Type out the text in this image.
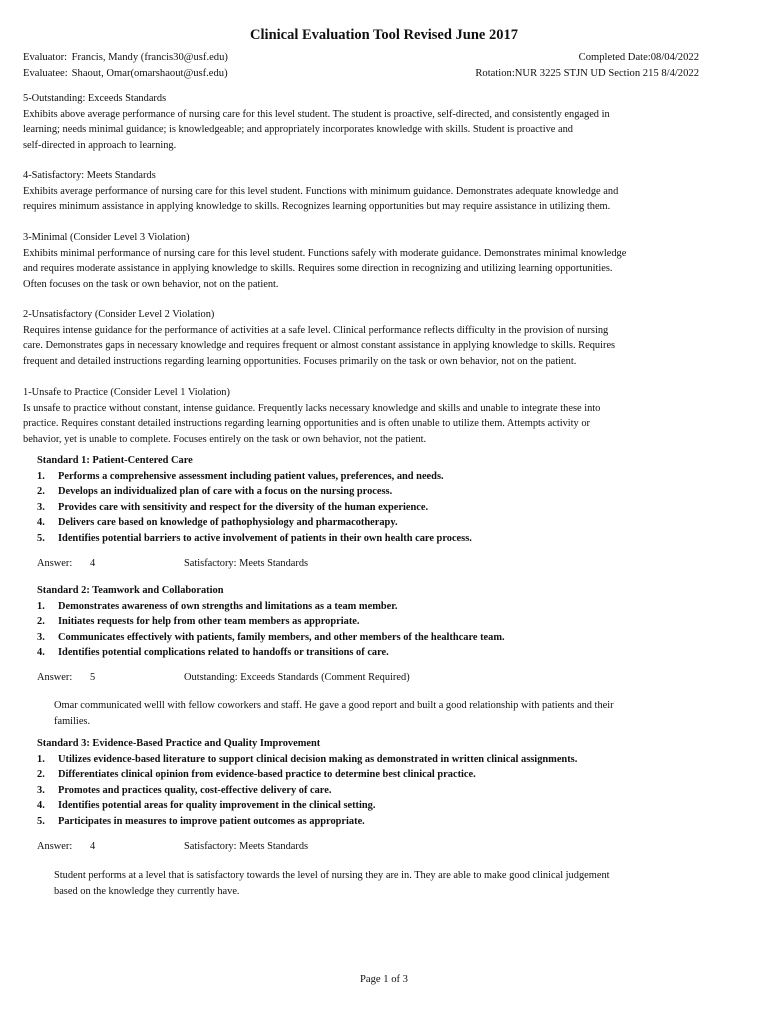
Clinical Evaluation Tool Revised June 2017
Evaluator: Francis, Mandy (francis30@usf.edu)	Completed Date:08/04/2022
Evaluatee: Shaout, Omar(omarshaout@usf.edu)	Rotation:NUR 3225 STJN UD Section 215 8/4/2022
5-Outstanding: Exceeds Standards

Exhibits above average performance of nursing care for this level student. The student is proactive, self-directed, and consistently engaged in

learning; needs minimal guidance; is knowledgeable; and appropriately incorporates knowledge with skills. Student is proactive and

self-directed in approach to learning.

4-Satisfactory: Meets Standards

Exhibits average performance of nursing care for this level student. Functions with minimum guidance. Demonstrates adequate knowledge and

requires minimum assistance in applying knowledge to skills. Recognizes learning opportunities but may require assistance in utilizing them.

3-Minimal (Consider Level 3 Violation)

Exhibits minimal performance of nursing care for this level student. Functions safely with moderate guidance. Demonstrates minimal knowledge

and requires moderate assistance in applying knowledge to skills. Requires some direction in recognizing and utilizing learning opportunities.

Often focuses on the task or own behavior, not on the patient.

2-Unsatisfactory (Consider Level 2 Violation)

Requires intense guidance for the performance of activities at a safe level. Clinical performance reflects difficulty in the provision of nursing

care. Demonstrates gaps in necessary knowledge and requires frequent or almost constant assistance in applying knowledge to skills. Requires

frequent and detailed instructions regarding learning opportunities. Focuses primarily on the task or own behavior, not on the patient.

1-Unsafe to Practice (Consider Level 1 Violation)

Is unsafe to practice without constant, intense guidance. Frequently lacks necessary knowledge and skills and unable to integrate these into

practice. Requires constant detailed instructions regarding learning opportunities and is often unable to utilize them. Attempts activity or

behavior, yet is unable to complete. Focuses entirely on the task or own behavior, not the patient.

Standard 1: Patient-Centered Care
1. Performs a comprehensive assessment including patient values, preferences, and needs.
2. Develops an individualized plan of care with a focus on the nursing process.
3. Provides care with sensitivity and respect for the diversity of the human experience.
4. Delivers care based on knowledge of pathophysiology and pharmacotherapy.
5. Identifies potential barriers to active involvement of patients in their own health care process.
Answer: 4	Satisfactory: Meets Standards
Standard 2: Teamwork and Collaboration
1. Demonstrates awareness of own strengths and limitations as a team member.
2. Initiates requests for help from other team members as appropriate.
3. Communicates effectively with patients, family members, and other members of the healthcare team.
4. Identifies potential complications related to handoffs or transitions of care.
Answer: 5	Outstanding: Exceeds Standards (Comment Required)
Omar communicated welll with fellow coworkers and staff. He gave a good report and built a good relationship with patients and their
families.
Standard 3: Evidence-Based Practice and Quality Improvement
1. Utilizes evidence-based literature to support clinical decision making as demonstrated in written clinical assignments.
2. Differentiates clinical opinion from evidence-based practice to determine best clinical practice.
3. Promotes and practices quality, cost-effective delivery of care.
4. Identifies potential areas for quality improvement in the clinical setting.
5. Participates in measures to improve patient outcomes as appropriate.
Answer: 4	Satisfactory: Meets Standards
Student performs at a level that is satisfactory towards the level of nursing they are in. They are able to make good clinical judgement
based on the knowledge they currently have.
Page 1 of 3
